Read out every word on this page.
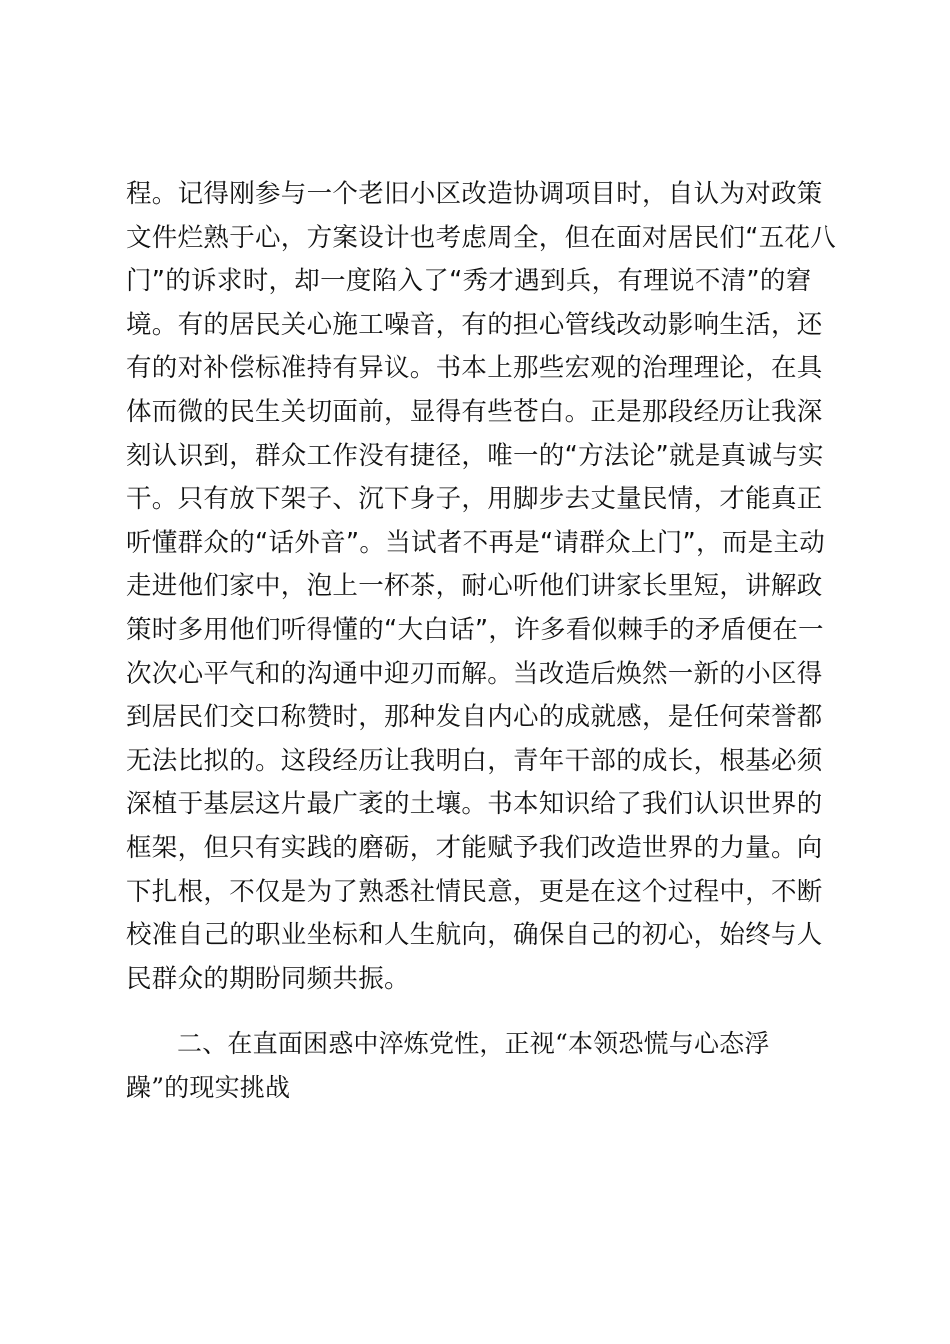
程。记得刚参与一个老旧小区改造协调项目时，自认为对政策
文件烂熟于心，方案设计也考虑周全，但在面对居民们“五花八
门”的诉求时，却一度陷入了“秀才遇到兵，有理说不清”的窘
境。有的居民关心施工噪音，有的担心管线改动影响生活，还
有的对补偿标准持有异议。书本上那些宏观的治理理论，在具
体而微的民生关切面前，显得有些苍白。正是那段经历让我深
刻认识到，群众工作没有捷径，唯一的“方法论”就是真诚与实
干。只有放下架子、沉下身子，用脚步去丈量民情，才能真正
听懂群众的“话外音”。当试者不再是“请群众上门”，而是主动
走进他们家中，泡上一杯茶，耐心听他们讲家长里短，讲解政
策时多用他们听得懂的“大白话”，许多看似棘手的矛盾便在一
次次心平气和的沟通中迎刃而解。当改造后焕然一新的小区得
到居民们交口称赞时，那种发自内心的成就感，是任何荣誉都
无法比拟的。这段经历让我明白，青年干部的成长，根基必须
深植于基层这片最广袤的土壤。书本知识给了我们认识世界的
框架，但只有实践的磨砺，才能赋予我们改造世界的力量。向
下扎根，不仅是为了熟悉社情民意，更是在这个过程中，不断
校准自己的职业坐标和人生航向，确保自己的初心，始终与人
民群众的期盼同频共振。
二、在直面困惑中淬炼党性，正视“本领恐慌与心态浮
躁”的现实挑战
